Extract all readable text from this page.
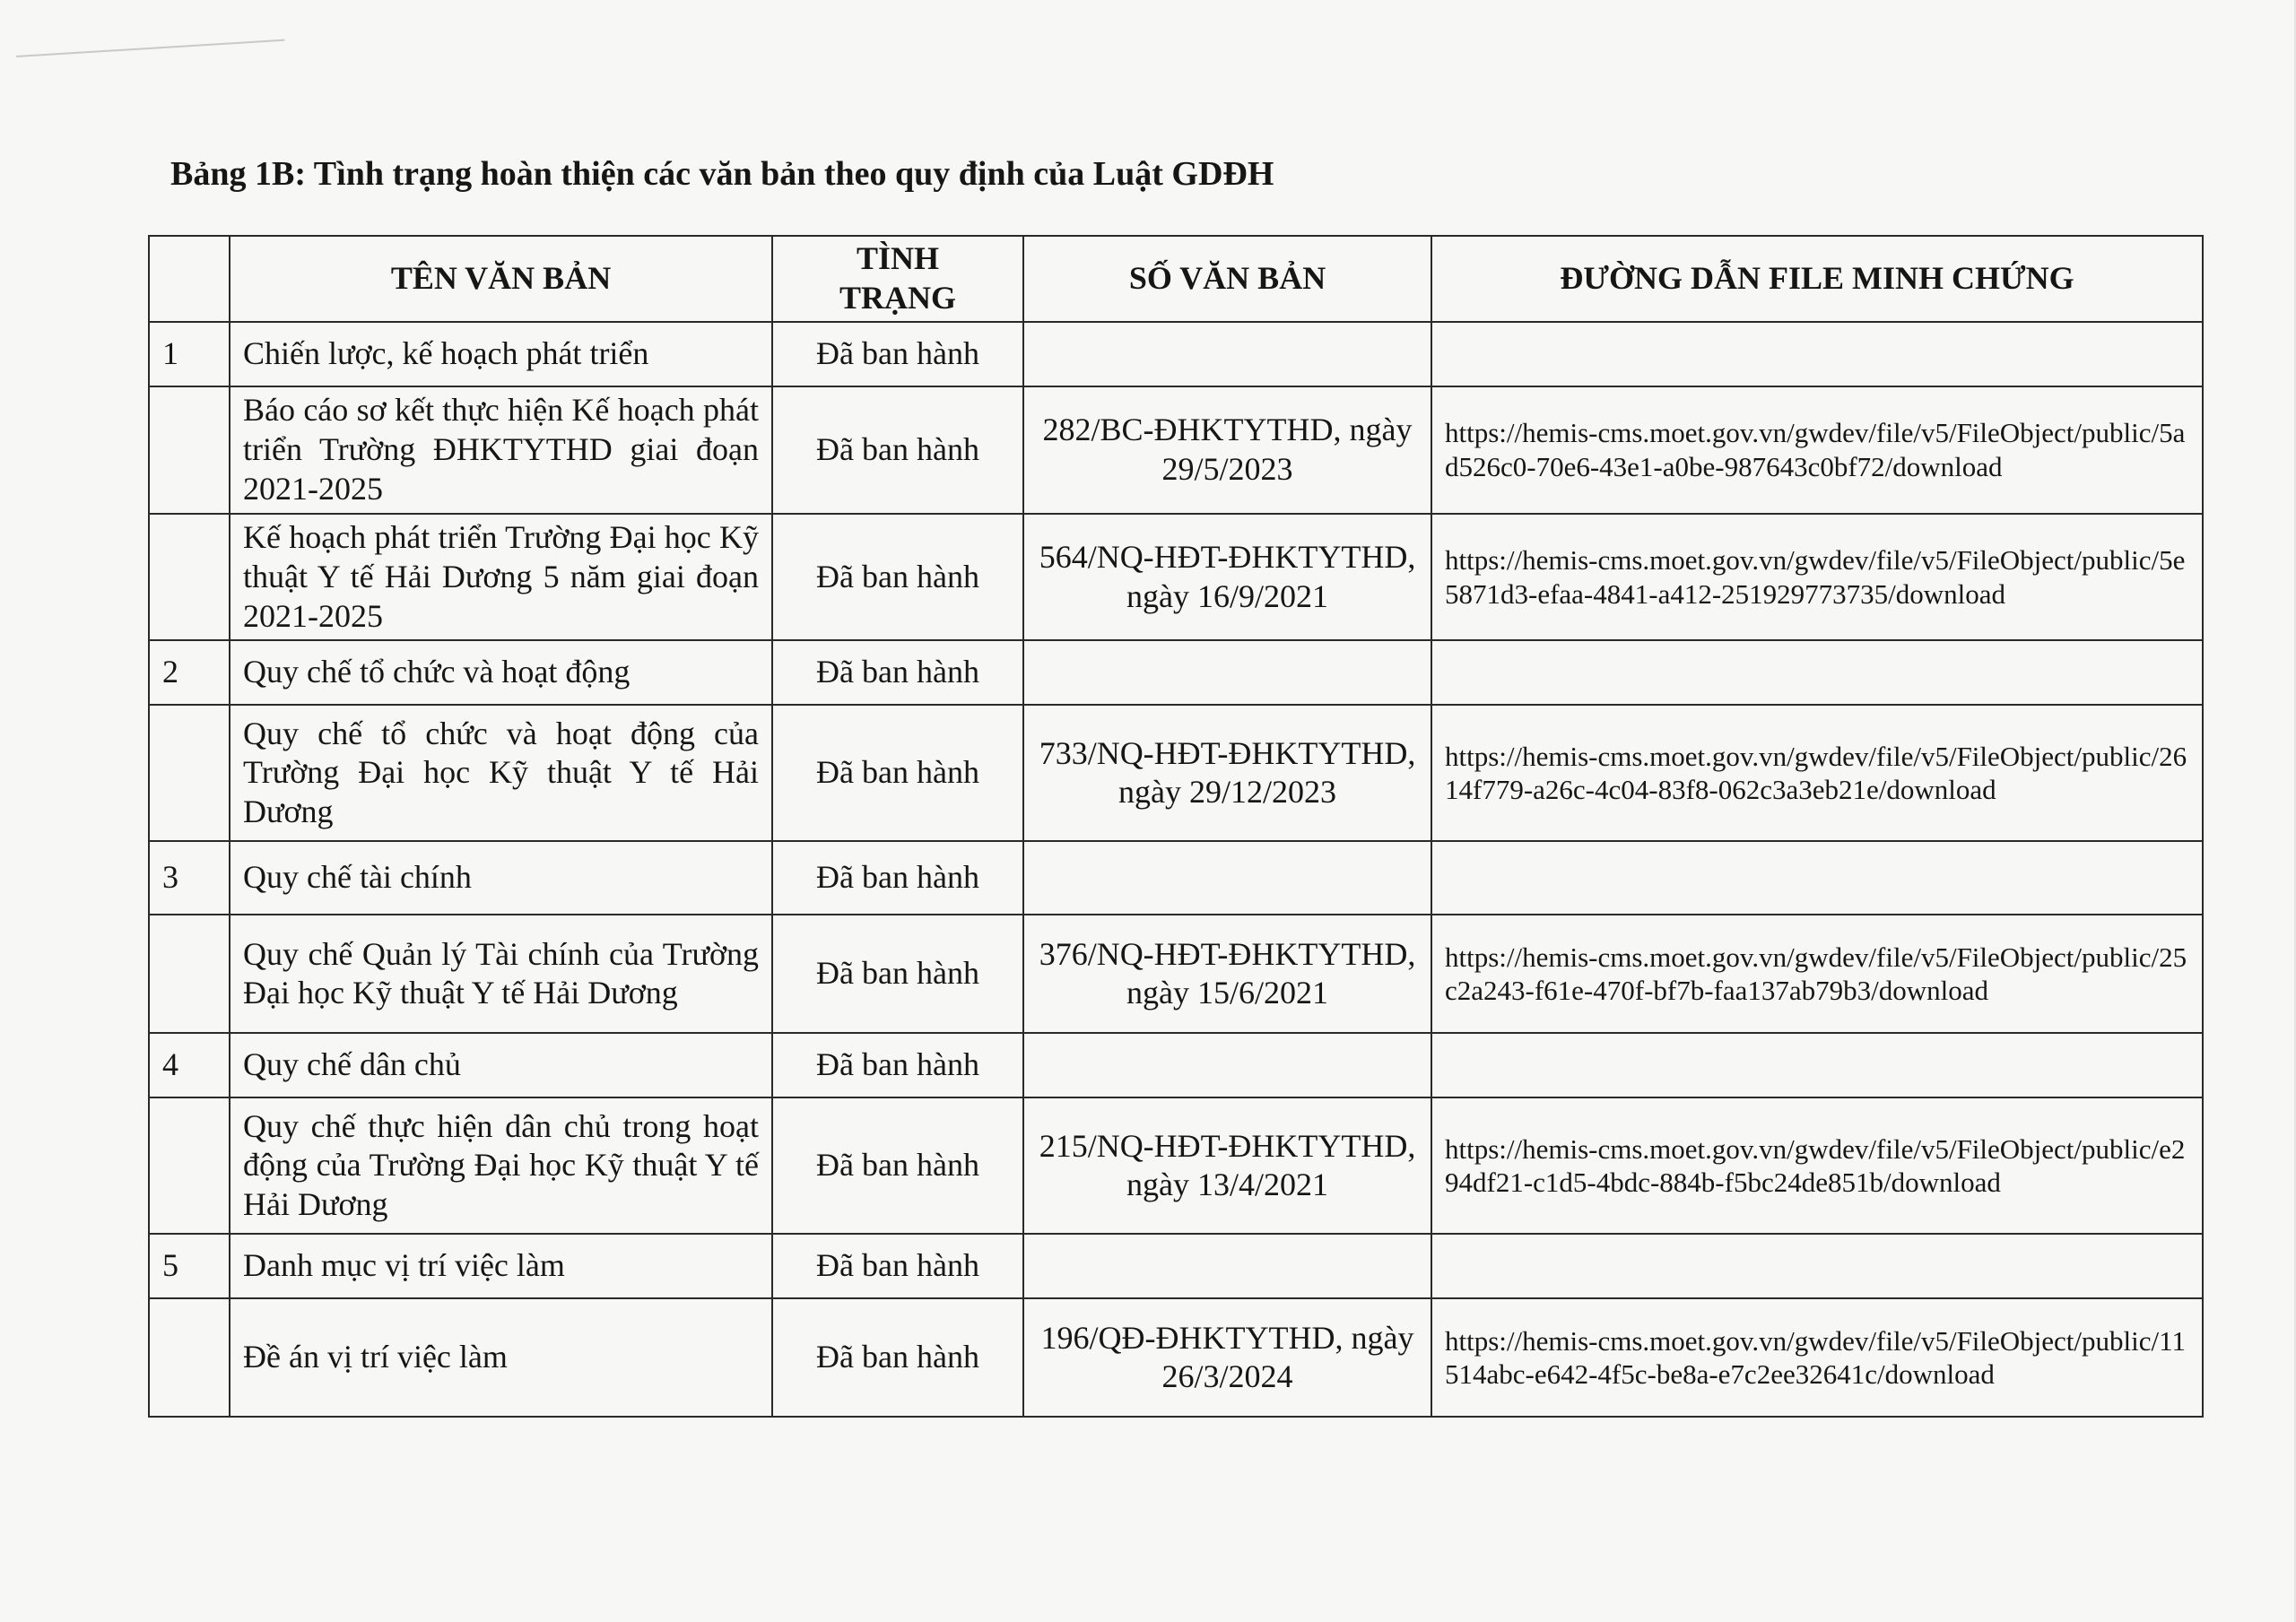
Bảng 1B: Tình trạng hoàn thiện các văn bản theo quy định của Luật GDĐH
	TÊN VĂN BẢN	TÌNH TRẠNG	SỐ VĂN BẢN	ĐƯỜNG DẪN FILE MINH CHỨNG
1	Chiến lược, kế hoạch phát triển	Đã ban hành		
	Báo cáo sơ kết thực hiện Kế hoạch phát triển Trường ĐHKTYTHD giai đoạn 2021-2025	Đã ban hành	282/BC-ĐHKTYTHD, ngày 29/5/2023	https://hemis-cms.moet.gov.vn/gwdev/file/v5/FileObject/public/5ad526c0-70e6-43e1-a0be-987643c0bf72/download
	Kế hoạch phát triển Trường Đại học Kỹ thuật Y tế Hải Dương 5 năm giai đoạn 2021-2025	Đã ban hành	564/NQ-HĐT-ĐHKTYTHD, ngày 16/9/2021	https://hemis-cms.moet.gov.vn/gwdev/file/v5/FileObject/public/5e5871d3-efaa-4841-a412-251929773735/download
2	Quy chế tổ chức và hoạt động	Đã ban hành		
	Quy chế tổ chức và hoạt động của Trường Đại học Kỹ thuật Y tế Hải Dương	Đã ban hành	733/NQ-HĐT-ĐHKTYTHD, ngày 29/12/2023	https://hemis-cms.moet.gov.vn/gwdev/file/v5/FileObject/public/2614f779-a26c-4c04-83f8-062c3a3eb21e/download
3	Quy chế tài chính	Đã ban hành		
	Quy chế Quản lý Tài chính của Trường Đại học Kỹ thuật Y tế Hải Dương	Đã ban hành	376/NQ-HĐT-ĐHKTYTHD, ngày 15/6/2021	https://hemis-cms.moet.gov.vn/gwdev/file/v5/FileObject/public/25c2a243-f61e-470f-bf7b-faa137ab79b3/download
4	Quy chế dân chủ	Đã ban hành		
	Quy chế thực hiện dân chủ trong hoạt động của Trường Đại học Kỹ thuật Y tế Hải Dương	Đã ban hành	215/NQ-HĐT-ĐHKTYTHD, ngày 13/4/2021	https://hemis-cms.moet.gov.vn/gwdev/file/v5/FileObject/public/e294df21-c1d5-4bdc-884b-f5bc24de851b/download
5	Danh mục vị trí việc làm	Đã ban hành		
	Đề án vị trí việc làm	Đã ban hành	196/QĐ-ĐHKTYTHD, ngày 26/3/2024	https://hemis-cms.moet.gov.vn/gwdev/file/v5/FileObject/public/11514abc-e642-4f5c-be8a-e7c2ee32641c/download
